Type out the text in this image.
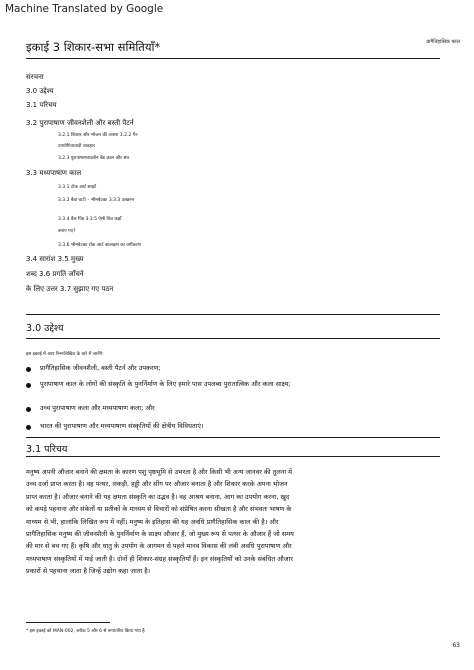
Machine Translated by Google
प्रागैतिहासिक काल
इकाई 3 शिकार-सभा समितियाँ*
संरचना
3.0 उद्देश्य
3.1 परिचय
3.2 पुरापाषाण जीवनशैली और बस्ती पैटर्न
3.2.1 शिकार और भोजन की तलाश 3.2.2 गैर-
उपयोगितावादी व्यवहार
3.2.3 पुरापाषाणकालीन बैंड काल और संघ
3.3 मध्यपाषाण काल
3.3.1 टोक आर्ट साइटें
3.3.2 बैवा घाटी – भीमबेटका 3.3.3 उत्खनन
3.3.4 बैल पिंड 3.3.5 ऐसी चित्र कहाँ
बनाए गए?
3.3.6 भीमबेटका रॉक आर्ट कालक्रम का वर्गीकरण
3.4 सारांश 3.5 मुख्य
शब्द 3.6 प्रगति जाँचने
के लिए उत्तर 3.7 सुझाए गए पठन
3.0 उद्देश्य
इस इकाई में आप निम्नलिखित के बारे में जानेंगे:
प्रागैतिहासिक जीवनशैली, बस्ती पैटर्न और उपकरण;
पुरापाषाण काल के लोगों की संस्कृति के पुनर्निर्माण के लिए हमारे पास उपलब्ध पुरातात्विक और कला साक्ष्य;
उच्च पुरापाषाण कला और मध्यपाषाण कला; और
भारत की पुरापाषाण और मध्यपाषाण संस्कृतियों की क्षेत्रीय विविधताएं।
3.1 परिचय
मनुष्य अपनी औजार बनाने की क्षमता के कारण पशु पृष्ठभूमि से उभरता है और किसी भी अन्य जानवर की तुलना में
उच्च दर्जा प्राप्त करता है। वह पत्थर, लकड़ी, हड्डी और सींग पर औजार बनाता है और शिकार करके अपना भोजन
प्राप्त करता है। औजार बनाने की यह क्षमता संस्कृति का उद्भव है। वह आश्रय बनाना, आग का उपयोग करना, खुद
को कपड़े पहनाना और संकेतों या प्रतीकों के माध्यम से विचारों को संप्रेषित करना सीखता है और संभवतः भाषण के
माध्यम से भी, हालांकि लिखित रूप में नहीं। मनुष्य के इतिहास की यह अवधि प्रागैतिहासिक काल की है। और
प्रागैतिहासिक मनुष्य की जीवनशैली के पुनर्निर्माण के साक्ष्य औजार हैं, जो मुख्य रूप से पत्थर के औजार हैं जो समय
की मार से बच गए हैं। कृषि और धातु के उपयोग के आगमन से पहले मानव विकास की लंबी अवधि पुरापाषाण और
मध्यपाषाण संस्कृतियों में पाई जाती है। दोनों ही शिकार-संग्रह संस्कृतियाँ हैं। इन संस्कृतियों को उनके संबंधित औजार
प्रकारों से पहचाना जाता है जिन्हें उद्योग कहा जाता है।
* इस इकाई को MAN-002, ब्लॉक 5 और 6 से रूपांतरित किया गया है
63
